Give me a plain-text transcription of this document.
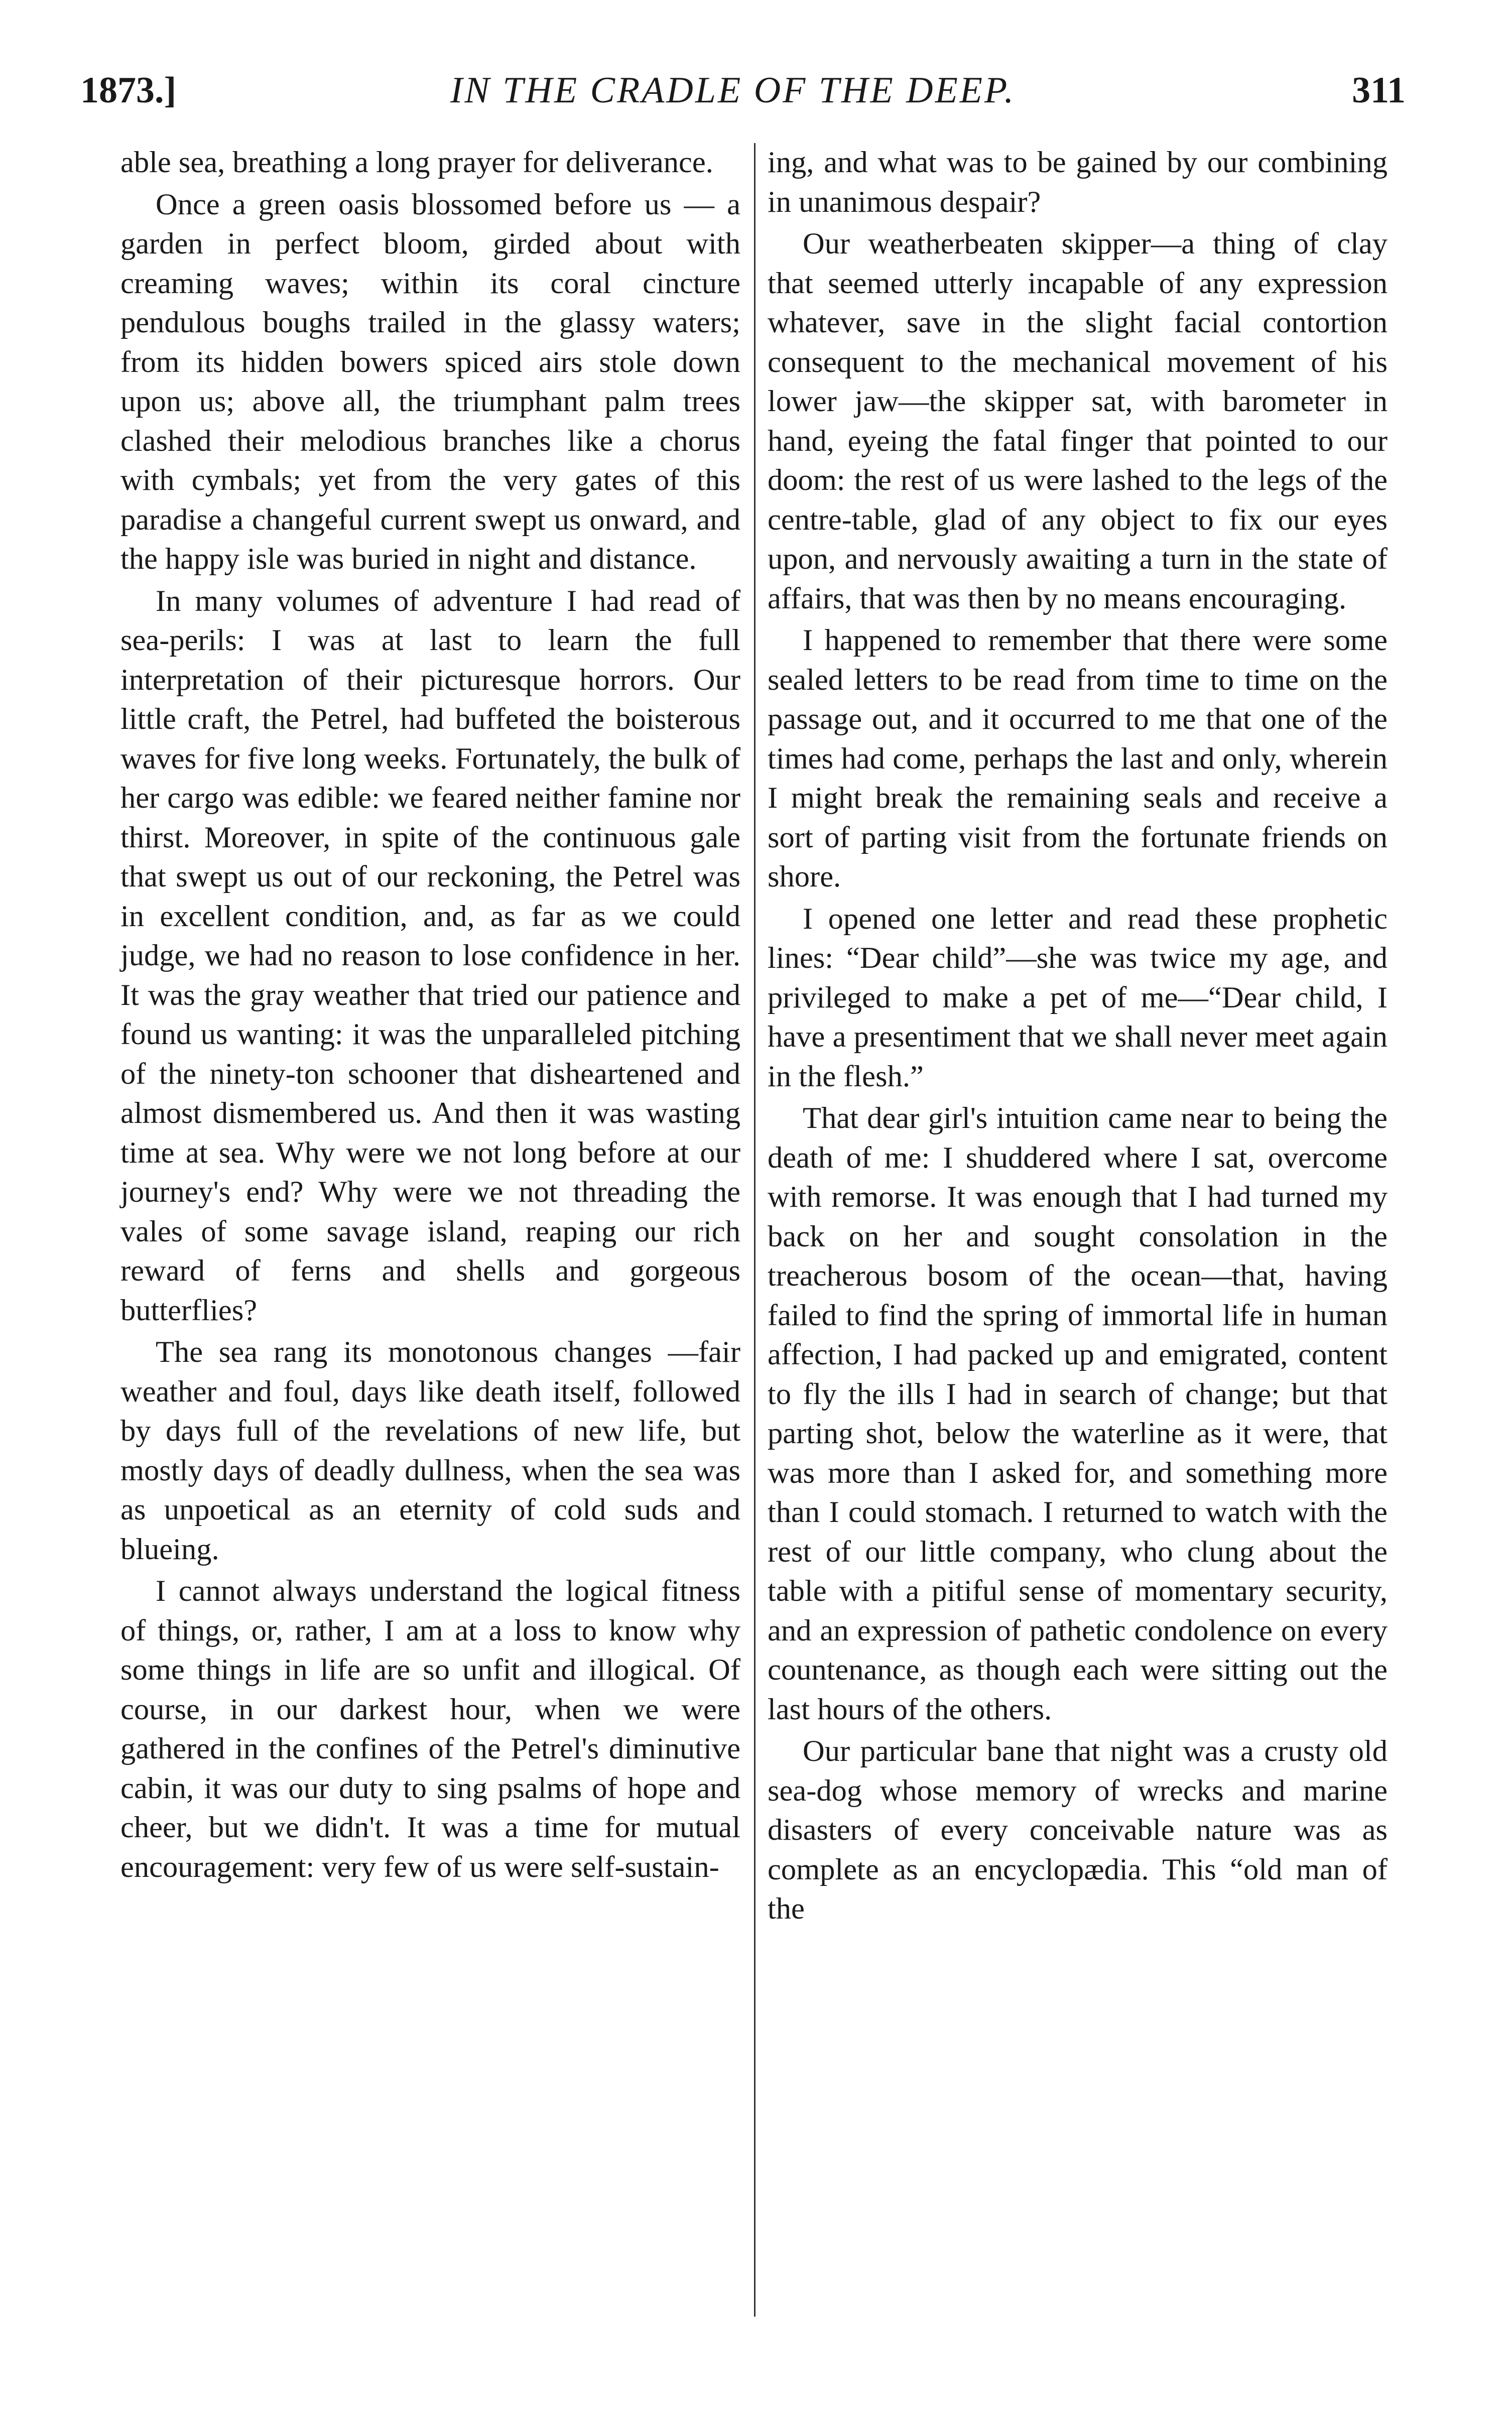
1873.]	IN THE CRADLE OF THE DEEP.	311

able sea, breathing a long prayer for deliverance.

Once a green oasis blossomed before us — a garden in perfect bloom, girded about with creaming waves; within its coral cincture pendulous boughs trailed in the glassy waters; from its hidden bowers spiced airs stole down upon us; above all, the triumphant palm trees clashed their melodious branches like a chorus with cymbals; yet from the very gates of this paradise a changeful current swept us onward, and the happy isle was buried in night and distance.

In many volumes of adventure I had read of sea-perils: I was at last to learn the full interpretation of their picturesque horrors. Our little craft, the Petrel, had buffeted the boisterous waves for five long weeks. Fortunately, the bulk of her cargo was edible: we feared neither famine nor thirst. Moreover, in spite of the continuous gale that swept us out of our reckoning, the Petrel was in excellent condition, and, as far as we could judge, we had no reason to lose confidence in her. It was the gray weather that tried our patience and found us wanting: it was the unparalleled pitching of the ninety-ton schooner that disheartened and almost dismembered us. And then it was wasting time at sea. Why were we not long before at our journey's end? Why were we not threading the vales of some savage island, reaping our rich reward of ferns and shells and gorgeous butterflies?

The sea rang its monotonous changes —fair weather and foul, days like death itself, followed by days full of the revelations of new life, but mostly days of deadly dullness, when the sea was as unpoetical as an eternity of cold suds and blueing.

I cannot always understand the logical fitness of things, or, rather, I am at a loss to know why some things in life are so unfit and illogical. Of course, in our darkest hour, when we were gathered in the confines of the Petrel's diminutive cabin, it was our duty to sing psalms of hope and cheer, but we didn't. It was a time for mutual encouragement: very few of us were self-sustain-

ing, and what was to be gained by our combining in unanimous despair?

Our weatherbeaten skipper—a thing of clay that seemed utterly incapable of any expression whatever, save in the slight facial contortion consequent to the mechanical movement of his lower jaw—the skipper sat, with barometer in hand, eyeing the fatal finger that pointed to our doom: the rest of us were lashed to the legs of the centre-table, glad of any object to fix our eyes upon, and nervously awaiting a turn in the state of affairs, that was then by no means encouraging.

I happened to remember that there were some sealed letters to be read from time to time on the passage out, and it occurred to me that one of the times had come, perhaps the last and only, wherein I might break the remaining seals and receive a sort of parting visit from the fortunate friends on shore.

I opened one letter and read these prophetic lines: “Dear child”—she was twice my age, and privileged to make a pet of me—“Dear child, I have a presentiment that we shall never meet again in the flesh.”

That dear girl's intuition came near to being the death of me: I shuddered where I sat, overcome with remorse. It was enough that I had turned my back on her and sought consolation in the treacherous bosom of the ocean—that, having failed to find the spring of immortal life in human affection, I had packed up and emigrated, content to fly the ills I had in search of change; but that parting shot, below the waterline as it were, that was more than I asked for, and something more than I could stomach. I returned to watch with the rest of our little company, who clung about the table with a pitiful sense of momentary security, and an expression of pathetic condolence on every countenance, as though each were sitting out the last hours of the others.

Our particular bane that night was a crusty old sea-dog whose memory of wrecks and marine disasters of every conceivable nature was as complete as an encyclopædia. This “old man of the
